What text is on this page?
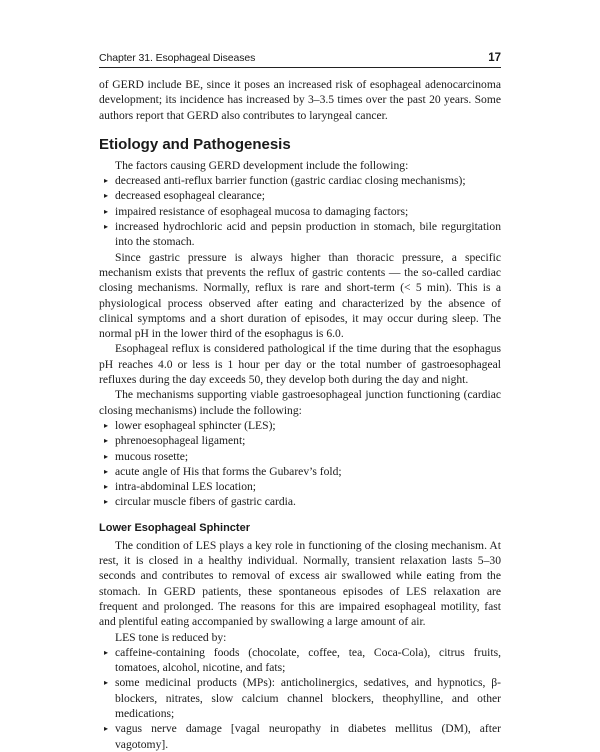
Chapter 31. Esophageal Diseases	17

of GERD include BE, since it poses an increased risk of esophageal adenocarcinoma development; its incidence has increased by 3–3.5 times over the past 20 years. Some authors report that GERD also contributes to laryngeal cancer.

Etiology and Pathogenesis

The factors causing GERD development include the following:

▸ decreased anti-reflux barrier function (gastric cardiac closing mechanisms);
▸ decreased esophageal clearance;
▸ impaired resistance of esophageal mucosa to damaging factors;
▸ increased hydrochloric acid and pepsin production in stomach, bile regurgitation into the stomach.

Since gastric pressure is always higher than thoracic pressure, a specific mechanism exists that prevents the reflux of gastric contents — the so-called cardiac closing mechanisms. Normally, reflux is rare and short-term (< 5 min). This is a physiological process observed after eating and characterized by the absence of clinical symptoms and a short duration of episodes, it may occur during sleep. The normal pH in the lower third of the esophagus is 6.0.

Esophageal reflux is considered pathological if the time during that the esophagus pH reaches 4.0 or less is 1 hour per day or the total number of gastroesophageal refluxes during the day exceeds 50, they develop both during the day and night.

The mechanisms supporting viable gastroesophageal junction functioning (cardiac closing mechanisms) include the following:

▸ lower esophageal sphincter (LES);
▸ phrenoesophageal ligament;
▸ mucous rosette;
▸ acute angle of His that forms the Gubarev’s fold;
▸ intra-abdominal LES location;
▸ circular muscle fibers of gastric cardia.
Lower Esophageal Sphincter

The condition of LES plays a key role in functioning of the closing mechanism. At rest, it is closed in a healthy individual. Normally, transient relaxation lasts 5–30 seconds and contributes to removal of excess air swallowed while eating from the stomach. In GERD patients, these spontaneous episodes of LES relaxation are frequent and prolonged. The reasons for this are impaired esophageal motility, fast and plentiful eating accompanied by swallowing a large amount of air.

LES tone is reduced by:

▸ caffeine-containing foods (chocolate, coffee, tea, Coca-Cola), citrus fruits, tomatoes, alcohol, nicotine, and fats;
▸ some medicinal products (MPs): anticholinergics, sedatives, and hypnotics, β-blockers, nitrates, slow calcium channel blockers, theophylline, and other medications;
▸ vagus nerve damage [vagal neuropathy in diabetes mellitus (DM), after vagotomy].
